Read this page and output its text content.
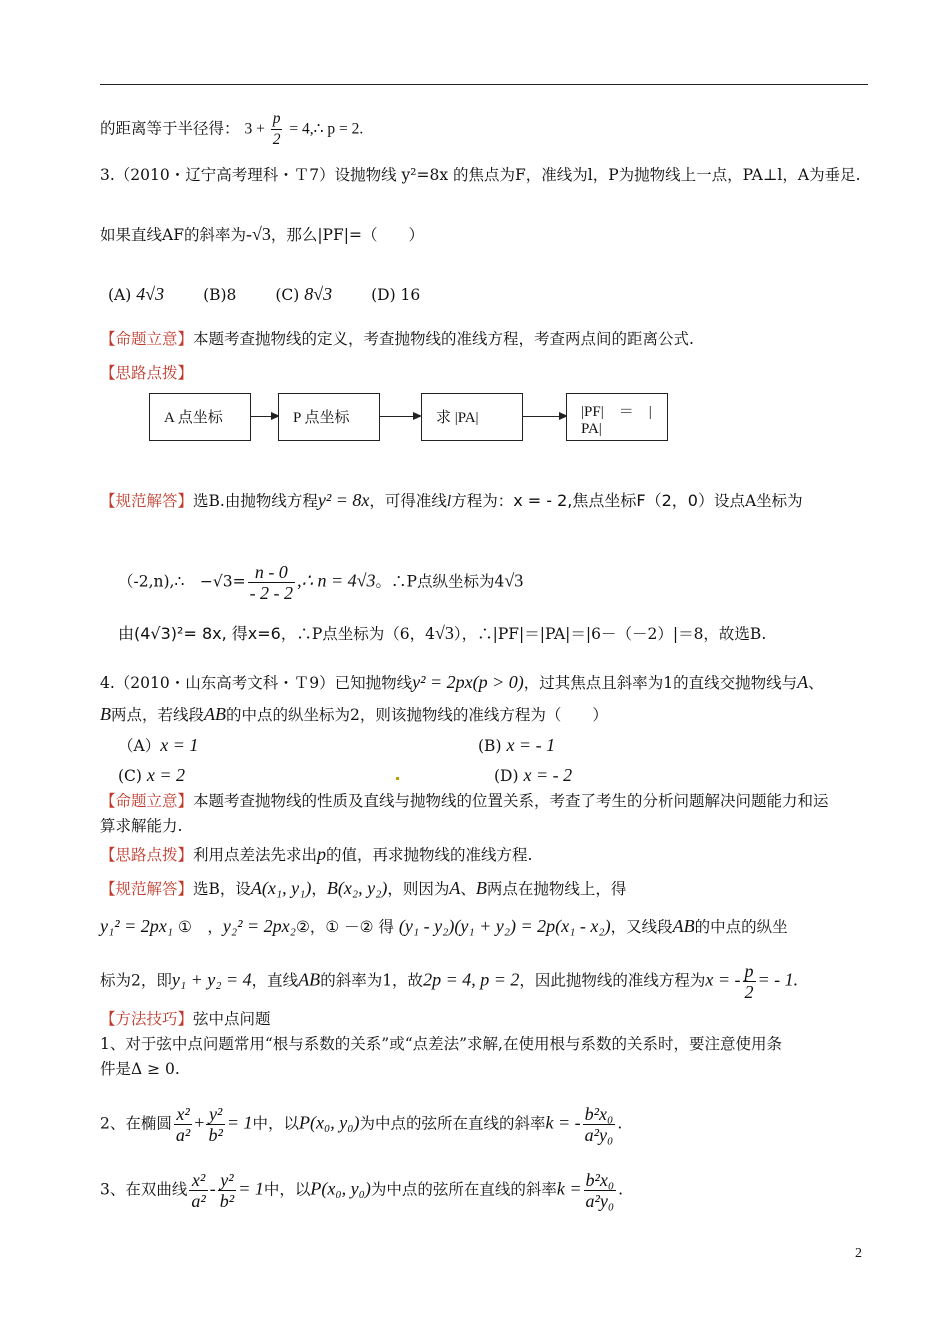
的距离等于半径得： $3 + \frac{p}{2}$ = 4,∴ p = 2.
3.（2010・辽宁高考理科・Ｔ7）设抛物线 y²=8x 的焦点为F，准线为l，P为抛物线上一点，PA⊥l，A为垂足.
如果直线AF的斜率为-√3，那么|PF|=（　　）
(A) 4√3	(B)8	(C) 8√3	(D) 16
【命题立意】本题考查抛物线的定义，考查抛物线的准线方程，考查两点间的距离公式.
【思路点拨】
A 点坐标	P 点坐标	求 |PA|	|PF|　＝　|
PA|
【规范解答】选B.由抛物线方程y² = 8x，可得准线l方程为：x = - 2,焦点坐标F（2，0）设点A坐标为
（-2,n),∴　$-√3= \frac{n - 0}{- 2 - 2}$ ,∴ n = 4√3。∴P点纵坐标为4√3
由(4√3)²= 8x, 得x=6，∴P点坐标为（6，4√3），∴|PF|＝|PA|＝|6－（－2）|＝8，故选B.
4.（2010・山东高考文科・Ｔ9）已知抛物线y² = 2px(p > 0)，过其焦点且斜率为1的直线交抛物线与A、
B两点，若线段AB的中点的纵坐标为2，则该抛物线的准线方程为（　　）
（A）x = 1	(B) x = - 1
(C) x = 2	(D) x = - 2
【命题立意】本题考查抛物线的性质及直线与抛物线的位置关系，考查了考生的分析问题解决问题能力和运
算求解能力.
【思路点拨】利用点差法先求出p的值，再求抛物线的准线方程.
【规范解答】选B，设A(x₁, y₁)，B(x₂, y₂)，则因为A、B两点在抛物线上，得
y₁² = 2px₁ ①　，y₂² = 2px₂②，① －② 得 (y₁ - y₂)(y₁ + y₂) = 2p(x₁ - x₂)，又线段AB的中点的纵坐
标为2，即y₁ + y₂ = 4，直线AB的斜率为1，故2p = 4, p = 2，因此抛物线的准线方程为x = - $\frac{p}{2}$ = - 1.
【方法技巧】弦中点问题
1、对于弦中点问题常用“根与系数的关系”或“点差法”求解,在使用根与系数的关系时，要注意使用条
件是Δ ≥ 0.
2、在椭圆 $\frac{\text{x²}}{\text{a²}} + \frac{\text{y²}}{\text{b²}} = 1$中，以P(x₀, y₀)为中点的弦所在直线的斜率k = - $\frac{\text{b²x₀}}{\text{a²y₀}}$ .
3、在双曲线 $\frac{\text{x²}}{\text{a²}} - \frac{\text{y²}}{\text{b²}} = 1$中，以P(x₀, y₀)为中点的弦所在直线的斜率$k = \frac{\text{b²x₀}}{\text{a²y₀}}$ .
2
